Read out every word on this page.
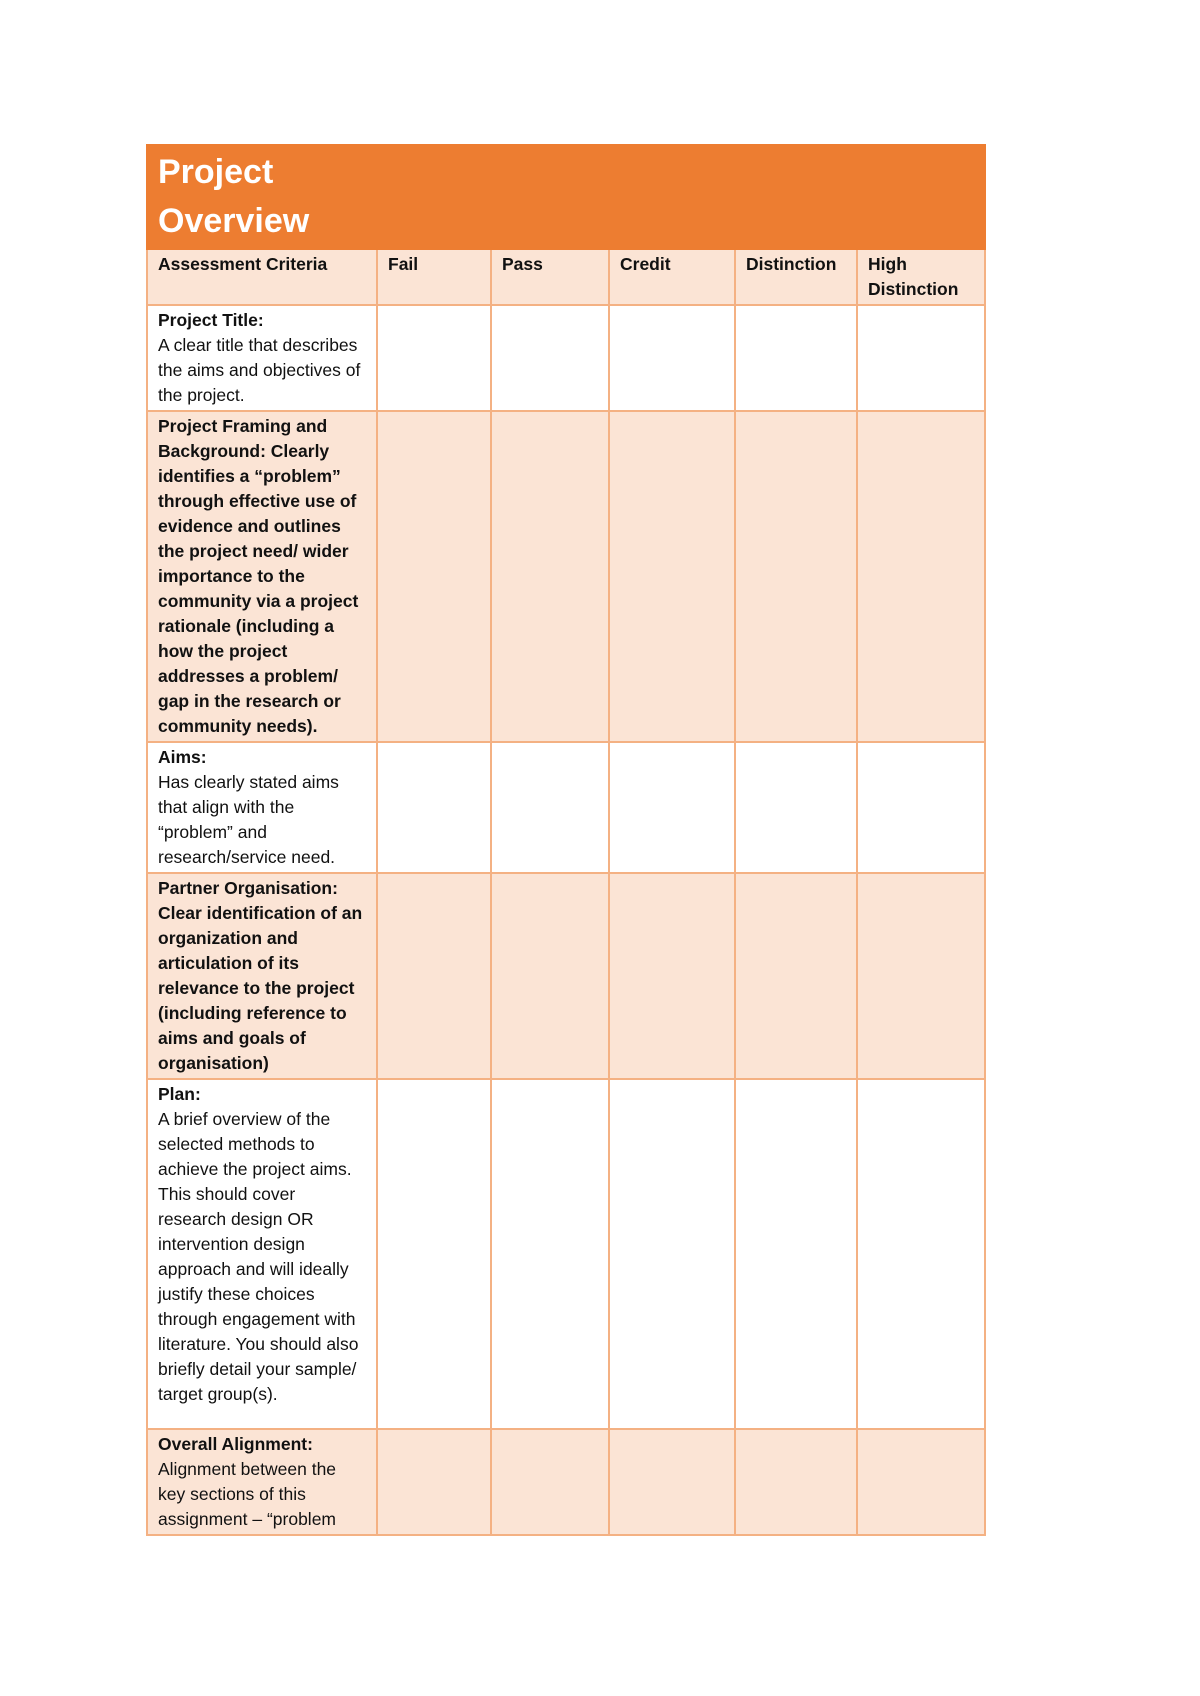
Project Overview					

Assessment Criteria	Fail	Pass	Credit	Distinction	High Distinction
Project Title:
A clear title that describes the aims and objectives of the project.					

Project Framing and Background: Clearly identifies a “problem” through effective use of evidence and outlines the project need/ wider importance to the community via a project rationale (including a how the project addresses a problem/ gap in the research or community needs).					
Aims:
Has clearly stated aims that align with the “problem” and research/service need.					

Partner Organisation:
Clear identification of an organization and articulation of its relevance to the project (including reference to aims and goals of organisation)					

Plan:
A brief overview of the selected methods to achieve the project aims. This should cover research design OR intervention design approach and will ideally justify these choices through engagement with literature. You should also briefly detail your sample/ target group(s).					

Overall Alignment:
Alignment between the key sections of this assignment – “problem					
